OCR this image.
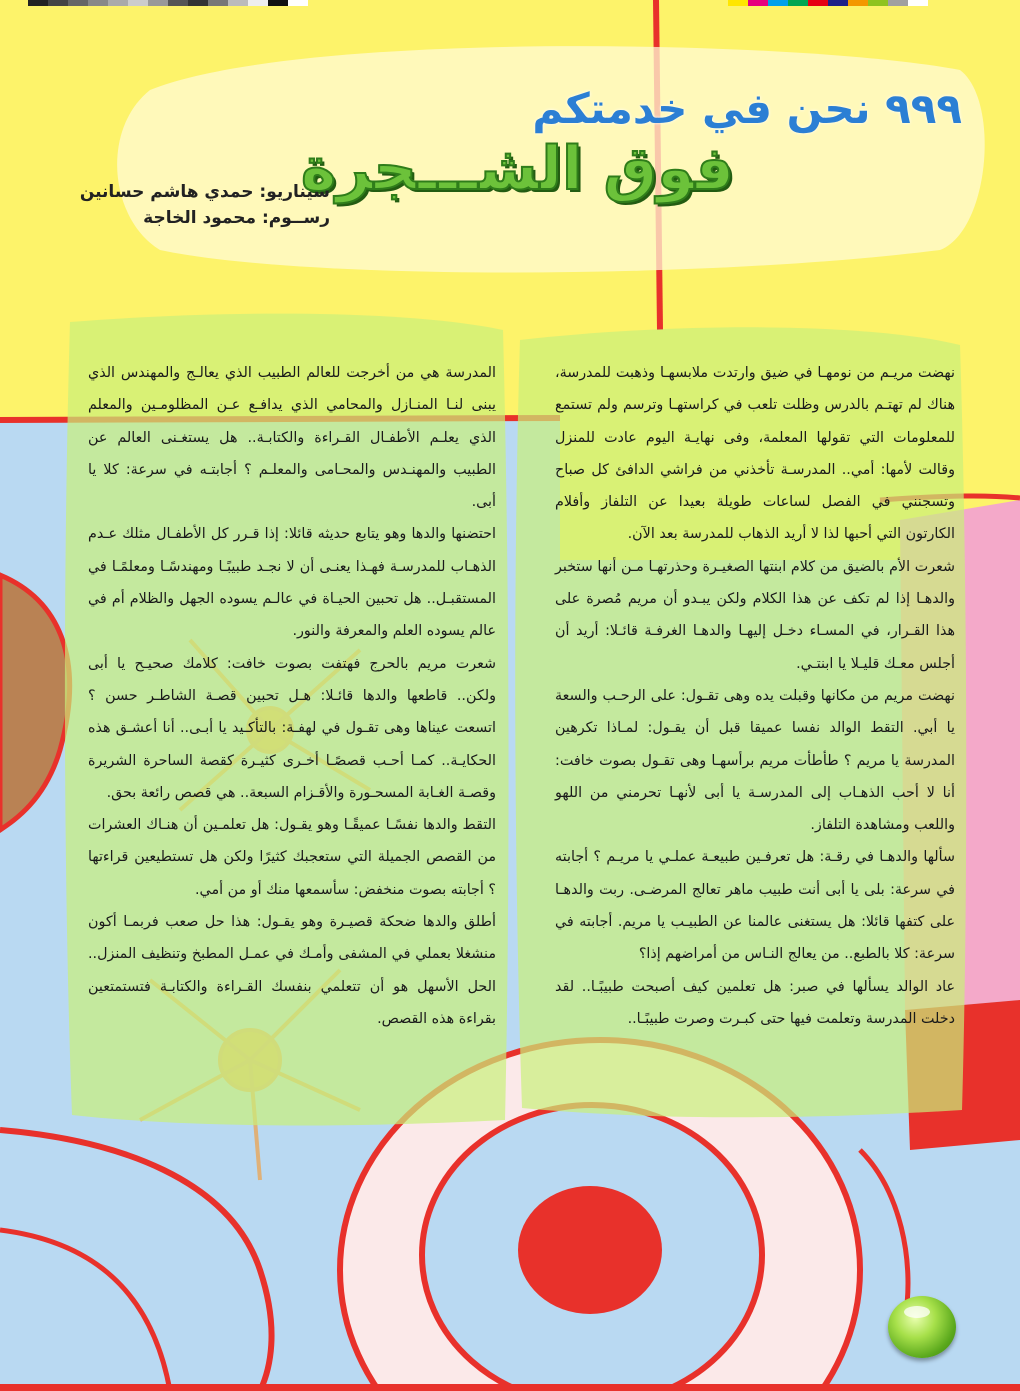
٩٩٩ نحن في خدمتكم
فوق الشـــجرة
سيناريو: حمدي هاشم حسانين
رســوم: محمود الخاجة

نهضت مريـم من نومهـا في ضيق وارتدت ملابسهـا وذهبت للمدرسة، هناك لم تهتـم بالدرس وظلت تلعب في كراستهـا وترسم ولم تستمع للمعلومات التي تقولها المعلمة، وفى نهايـة اليوم عادت للمنزل وقالت لأمها: أمي.. المدرسـة تأخذني من فراشي الدافئ كل صباح وتسجنني في الفصل لساعات طويلة بعيدا عن التلفاز وأفلام الكارتون التي أحبها لذا لا أريد الذهاب للمدرسة بعد الآن.

شعرت الأم بالضيق من كلام ابنتها الصغيـرة وحذرتهـا مـن أنها ستخبر والدهـا إذا لم تكف عن هذا الكلام ولكن يبـدو أن مريم مُصرة على هذا القـرار، في المسـاء دخـل إليهـا والدهـا الغرفـة قائـلا: أريد أن أجلس معـك قليـلا يا ابنتـي.

نهضت مريم من مكانها وقبلت يده وهى تقـول: على الرحـب والسعة يا أبي. التقط الوالد نفسا عميقا قبل أن يقـول: لمـاذا تكرهين المدرسة يا مريم ؟ طأطأت مريم برأسهـا وهى تقـول بصوت خافت: أنا لا أحب الذهـاب إلى المدرسـة يا أبى لأنهـا تحرمني من اللهو واللعب ومشاهدة التلفاز.

سألها والدهـا في رقـة: هل تعرفـين طبيعـة عملـي يا مريـم ؟ أجابته في سرعة: بلى يا أبى أنت طبيب ماهر تعالج المرضـى. ربت والدهـا على كتفها قائلا: هل يستغنى عالمنا عن الطبيـب يا مريم. أجابته في سرعة: كلا بالطبع.. من يعالج النـاس من أمراضهم إذا؟

عاد الوالد يسألها في صبر: هل تعلمين كيف أصبحت طبيبًـا.. لقد دخلت المدرسة وتعلمت فيها حتى كبـرت وصرت طبيبًـا..

المدرسة هي من أخرجت للعالم الطبيب الذي يعالـج والمهندس الذي يبنى لنـا المنـازل والمحامي الذي يدافـع عـن المظلومـين والمعلم الذي يعلـم الأطفـال القـراءة والكتابـة.. هل يستغـنى العالم عن الطبيب والمهنـدس والمحـامى والمعلـم ؟ أجابتـه في سرعة: كلا يا أبى.

احتضنها والدها وهو يتابع حديثه قائلا: إذا قـرر كل الأطفـال مثلك عـدم الذهـاب للمدرسـة فهـذا يعنـى أن لا نجـد طبيبًـا ومهندسًـا ومعلمًـا في المستقبـل.. هل تحبين الحيـاة في عالـم يسوده الجهل والظلام أم في عالم يسوده العلم والمعرفة والنور.

شعرت مريم بالحرج فهتفت بصوت خافت: كلامك صحيـح يا أبى ولكن.. قاطعها والدها قائـلا: هـل تحبين قصـة الشاطـر حسن ؟ اتسعت عيناها وهى تقـول في لهفـة: بالتأكـيد يا أبـى.. أنا أعشـق هذه الحكايـة.. كمـا أحـب قصصًـا أخـرى كثيـرة كقصة الساحرة الشريرة وقصـة الغـابة المسحـورة والأقـزام السبعة.. هي قصص رائعة بحق.

التقط والدها نفسًـا عميقًـا وهو يقـول: هل تعلمـين أن هنـاك العشرات من القصص الجميلة التي ستعجبك كثيرًا ولكن هل تستطيعين قراءتها ؟ أجابته بصوت منخفض: سأسمعها منك أو من أمي.

أطلق والدها ضحكة قصيـرة وهو يقـول: هذا حل صعب فربمـا أكون منشغلا بعملي في المشفى وأمـك في عمـل المطبخ وتنظيف المنزل.. الحل الأسهل هو أن تتعلمي بنفسك القـراءة والكتابـة فتستمتعين بقراءة هذه القصص.
